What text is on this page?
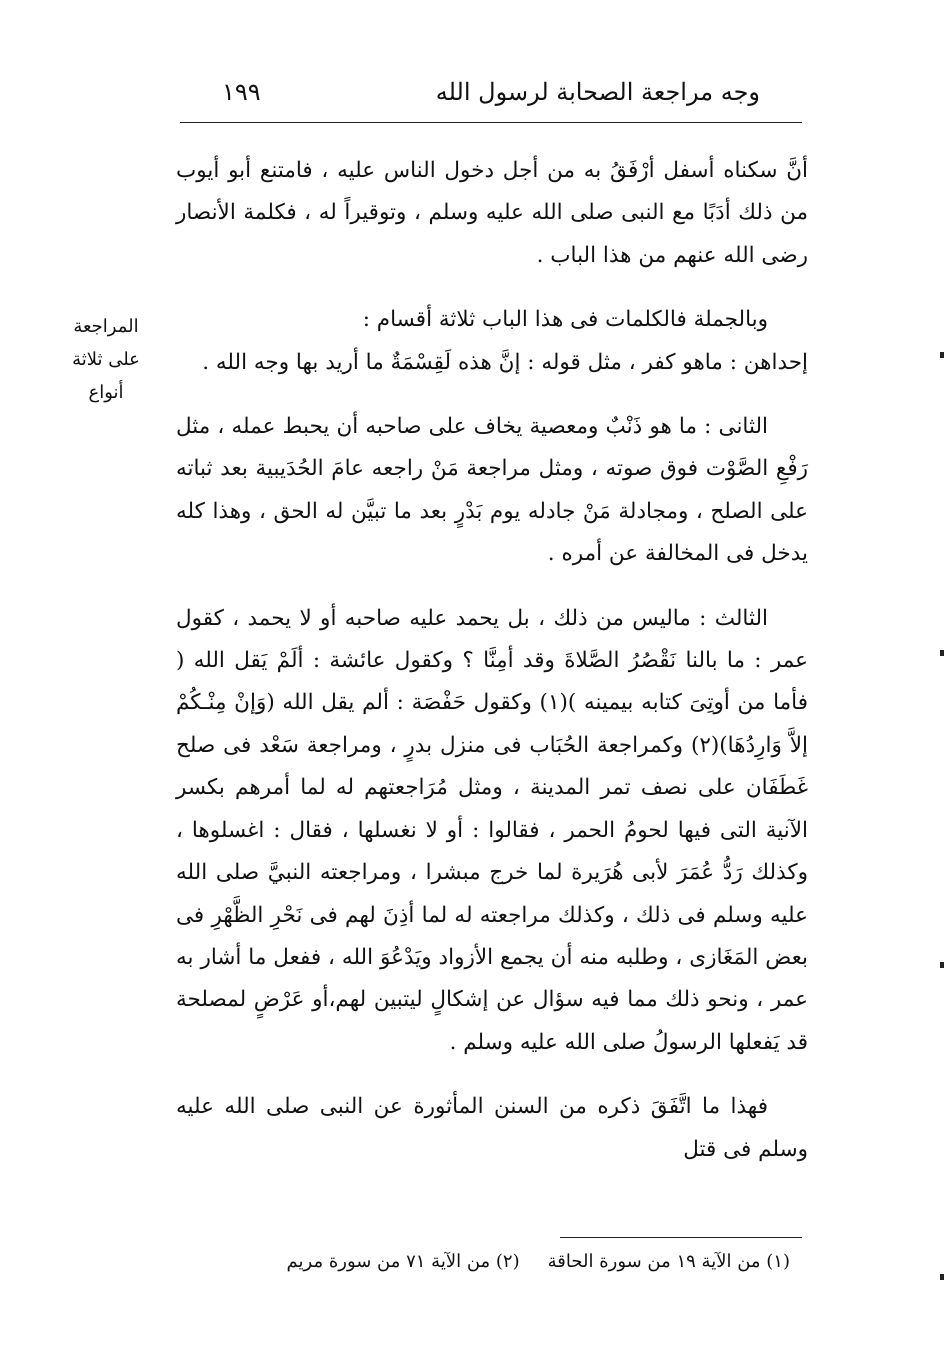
وجه مراجعة الصحابة لرسول الله
١٩٩
المراجعة
على ثلاثة
أنواع

أنَّ سكناه أسفل أرْفَقُ به من أجل دخول الناس عليه ، فامتنع أبو أيوب من ذلك أدَبًا مع النبى صلى الله عليه وسلم ، وتوقيراً له ، فكلمة الأنصار رضى الله عنهم من هذا الباب .

وبالجملة فالكلمات فى هذا الباب ثلاثة أقسام :

إحداهن : ماهو كفر ، مثل قوله : إنَّ هذه لَقِسْمَةٌ ما أريد بها وجه الله .

الثانى : ما هو ذَنْبٌ ومعصية يخاف على صاحبه أن يحبط عمله ، مثل رَفْعِ الصَّوْت فوق صوته ، ومثل مراجعة مَنْ راجعه عامَ الحُدَيبية بعد ثباته على الصلح ، ومجادلة مَنْ جادله يوم بَدْرٍ بعد ما تبيَّن له الحق ، وهذا كله يدخل فى المخالفة عن أمره .

الثالث : ماليس من ذلك ، بل يحمد عليه صاحبه أو لا يحمد ، كقول عمر : ما بالنا نَقْصُرُ الصَّلاةَ وقد أمِنَّا ؟ وكقول عائشة : ألَمْ يَقل الله ( فأما من أوتِىَ كتابه بيمينه )(١) وكقول حَفْصَة : ألم يقل الله (وَإنْ مِنْـكُمْ إلاَّ وَارِدُهَا)(٢) وكمراجعة الحُبَاب فى منزل بدرٍ ، ومراجعة سَعْد فى صلح غَطَفَان على نصف تمر المدينة ، ومثل مُرَاجعتهم له لما أمرهم بكسر الآنية التى فيها لحومُ الحمر ، فقالوا : أو لا نغسلها ، فقال : اغسلوها ، وكذلك رَدُّ عُمَرَ لأبى هُرَيرة لما خرج مبشرا ، ومراجعته النبيَّ صلى الله عليه وسلم فى ذلك ، وكذلك مراجعته له لما أذِنَ لهم فى نَحْرِ الظَّهْرِ فى بعض المَغَازى ، وطلبه منه أن يجمع الأزواد ويَدْعُوَ الله ، ففعل ما أشار به عمر ، ونحو ذلك مما فيه سؤال عن إشكالٍ ليتبين لهم،أو عَرْضٍ لمصلحة قد يَفعلها الرسولُ صلى الله عليه وسلم .

فهذا ما اتَّفَقَ ذكره من السنن المأثورة عن النبى صلى الله عليه وسلم فى قتل

(١) من الآية ١٩ من سورة الحاقة(٢) من الآية ٧١ من سورة مريم
